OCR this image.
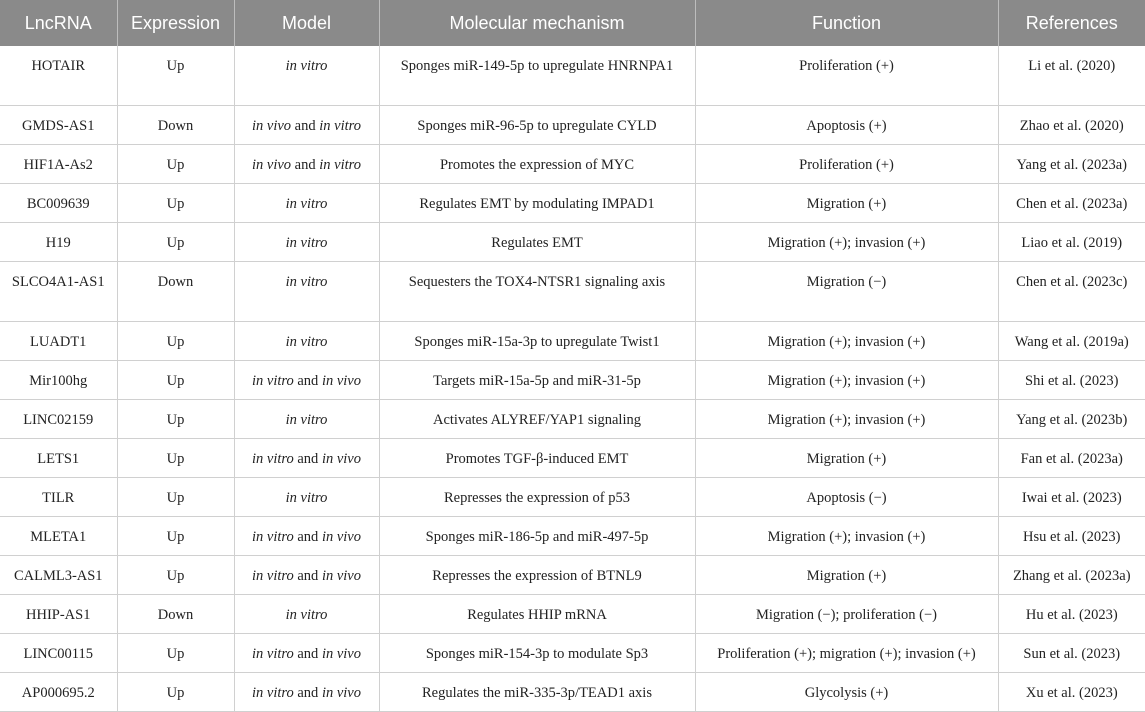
LncRNA	Expression	Model	Molecular mechanism	Function	References
HOTAIR	Up	in vitro	Sponges miR-149-5p to upregulate HNRNPA1	Proliferation (+)	Li et al. (2020)
GMDS-AS1	Down	in vivo and in vitro	Sponges miR-96-5p to upregulate CYLD	Apoptosis (+)	Zhao et al. (2020)
HIF1A-As2	Up	in vivo and in vitro	Promotes the expression of MYC	Proliferation (+)	Yang et al. (2023a)
BC009639	Up	in vitro	Regulates EMT by modulating IMPAD1	Migration (+)	Chen et al. (2023a)
H19	Up	in vitro	Regulates EMT	Migration (+); invasion (+)	Liao et al. (2019)
SLCO4A1-AS1	Down	in vitro	Sequesters the TOX4-NTSR1 signaling axis	Migration (−)	Chen et al. (2023c)
LUADT1	Up	in vitro	Sponges miR-15a-3p to upregulate Twist1	Migration (+); invasion (+)	Wang et al. (2019a)
Mir100hg	Up	in vitro and in vivo	Targets miR-15a-5p and miR-31-5p	Migration (+); invasion (+)	Shi et al. (2023)
LINC02159	Up	in vitro	Activates ALYREF/YAP1 signaling	Migration (+); invasion (+)	Yang et al. (2023b)
LETS1	Up	in vitro and in vivo	Promotes TGF-β-induced EMT	Migration (+)	Fan et al. (2023a)
TILR	Up	in vitro	Represses the expression of p53	Apoptosis (−)	Iwai et al. (2023)
MLETA1	Up	in vitro and in vivo	Sponges miR-186-5p and miR-497-5p	Migration (+); invasion (+)	Hsu et al. (2023)
CALML3-AS1	Up	in vitro and in vivo	Represses the expression of BTNL9	Migration (+)	Zhang et al. (2023a)
HHIP-AS1	Down	in vitro	Regulates HHIP mRNA	Migration (−); proliferation (−)	Hu et al. (2023)
LINC00115	Up	in vitro and in vivo	Sponges miR-154-3p to modulate Sp3	Proliferation (+); migration (+); invasion (+)	Sun et al. (2023)
AP000695.2	Up	in vitro and in vivo	Regulates the miR-335-3p/TEAD1 axis	Glycolysis (+)	Xu et al. (2023)
